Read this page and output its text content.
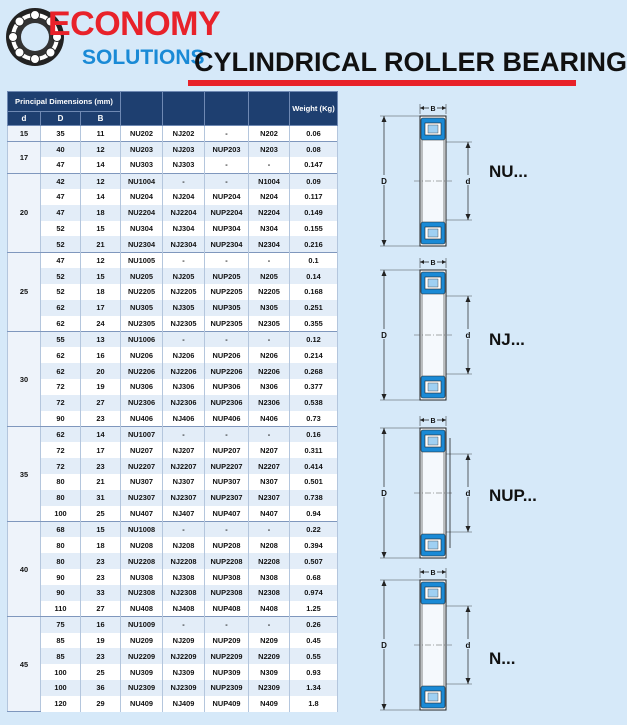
ECONOMY
SOLUTIONS
CYLINDRICAL ROLLER BEARING
Principal Dimensions (mm)							Weight (Kg)
d	D	B					
15	35	11	NU202	NJ202	-	N202	0.06
17	40	12	NU203	NJ203	NUP203	N203	0.08
	47	14	NU303	NJ303	-	-	0.147
20	42	12	NU1004	-	-	N1004	0.09
	47	14	NU204	NJ204	NUP204	N204	0.117
	47	18	NU2204	NJ2204	NUP2204	N2204	0.149
	52	15	NU304	NJ304	NUP304	N304	0.155
	52	21	NU2304	NJ2304	NUP2304	N2304	0.216
25	47	12	NU1005	-	-	-	0.1
	52	15	NU205	NJ205	NUP205	N205	0.14
	52	18	NU2205	NJ2205	NUP2205	N2205	0.168
	62	17	NU305	NJ305	NUP305	N305	0.251
	62	24	NU2305	NJ2305	NUP2305	N2305	0.355
30	55	13	NU1006	-	-	-	0.12
	62	16	NU206	NJ206	NUP206	N206	0.214
	62	20	NU2206	NJ2206	NUP2206	N2206	0.268
	72	19	NU306	NJ306	NUP306	N306	0.377
	72	27	NU2306	NJ2306	NUP2306	N2306	0.538
	90	23	NU406	NJ406	NUP406	N406	0.73
35	62	14	NU1007	-	-	-	0.16
	72	17	NU207	NJ207	NUP207	N207	0.311
	72	23	NU2207	NJ2207	NUP2207	N2207	0.414
	80	21	NU307	NJ307	NUP307	N307	0.501
	80	31	NU2307	NJ2307	NUP2307	N2307	0.738
	100	25	NU407	NJ407	NUP407	N407	0.94
40	68	15	NU1008	-	-	-	0.22
	80	18	NU208	NJ208	NUP208	N208	0.394
	80	23	NU2208	NJ2208	NUP2208	N2208	0.507
	90	23	NU308	NJ308	NUP308	N308	0.68
	90	33	NU2308	NJ2308	NUP2308	N2308	0.974
	110	27	NU408	NJ408	NUP408	N408	1.25
45	75	16	NU1009	-	-	-	0.26
	85	19	NU209	NJ209	NUP209	N209	0.45
	85	23	NU2209	NJ2209	NUP2209	N2209	0.55
	100	25	NU309	NJ309	NUP309	N309	0.93
	100	36	NU2309	NJ2309	NUP2309	N2309	1.34
	120	29	NU409	NJ409	NUP409	N409	1.8
B
D	d
B
D	d
B
D	d
B
D	d
NU...
NJ...
NUP...
N...
